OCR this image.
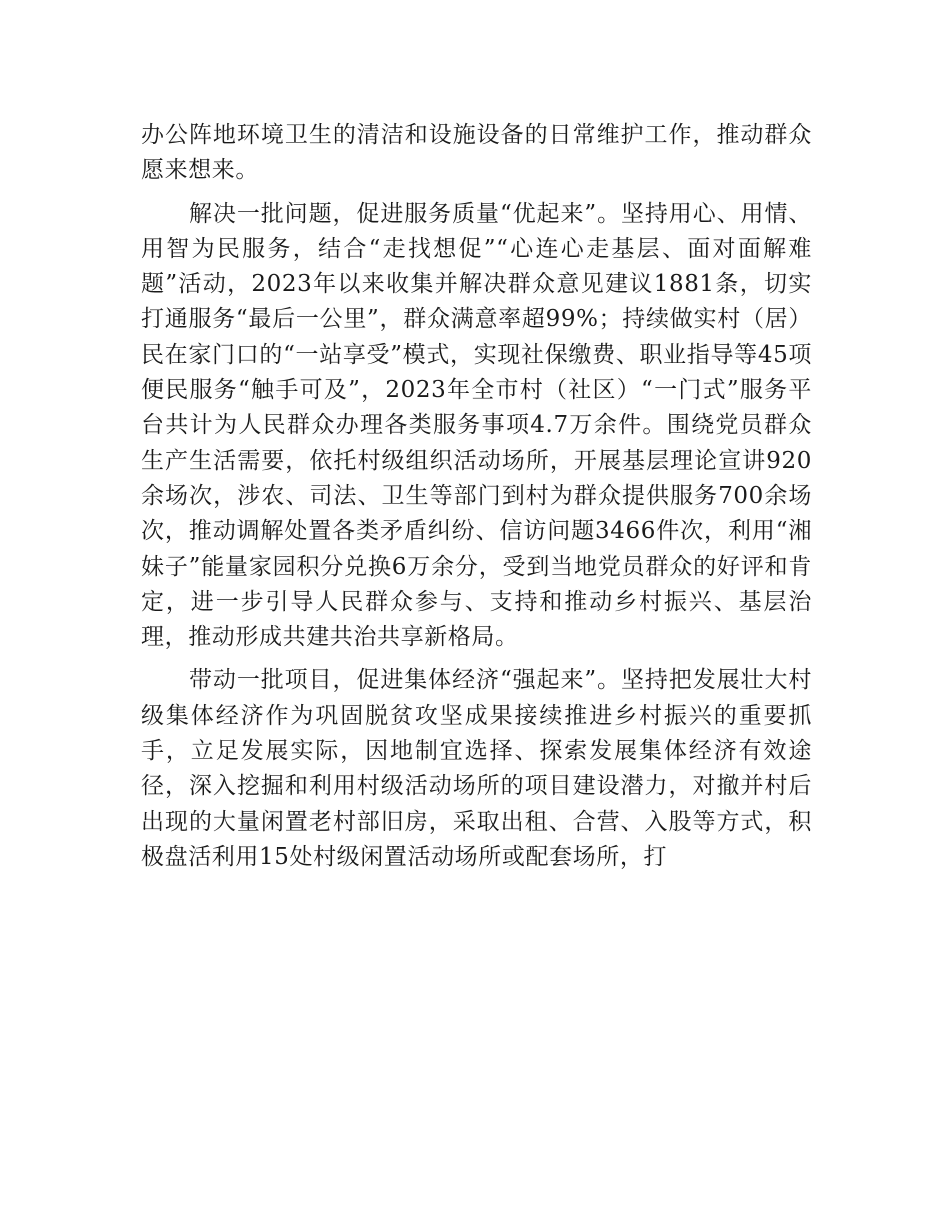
办公阵地环境卫生的清洁和设施设备的日常维护工作，推动群众愿来想来。

解决一批问题，促进服务质量“优起来”。坚持用心、用情、用智为民服务，结合“走找想促”“心连心走基层、面对面解难题”活动，2023年以来收集并解决群众意见建议1881条，切实打通服务“最后一公里”，群众满意率超99%；持续做实村（居）民在家门口的“一站享受”模式，实现社保缴费、职业指导等45项便民服务“触手可及”，2023年全市村（社区）“一门式”服务平台共计为人民群众办理各类服务事项4.7万余件。围绕党员群众生产生活需要，依托村级组织活动场所，开展基层理论宣讲920余场次，涉农、司法、卫生等部门到村为群众提供服务700余场次，推动调解处置各类矛盾纠纷、信访问题3466件次，利用“湘妹子”能量家园积分兑换6万余分，受到当地党员群众的好评和肯定，进一步引导人民群众参与、支持和推动乡村振兴、基层治理，推动形成共建共治共享新格局。

带动一批项目，促进集体经济“强起来”。坚持把发展壮大村级集体经济作为巩固脱贫攻坚成果接续推进乡村振兴的重要抓手，立足发展实际，因地制宜选择、探索发展集体经济有效途径，深入挖掘和利用村级活动场所的项目建设潜力，对撤并村后出现的大量闲置老村部旧房，采取出租、合营、入股等方式，积极盘活利用15处村级闲置活动场所或配套场所，打
